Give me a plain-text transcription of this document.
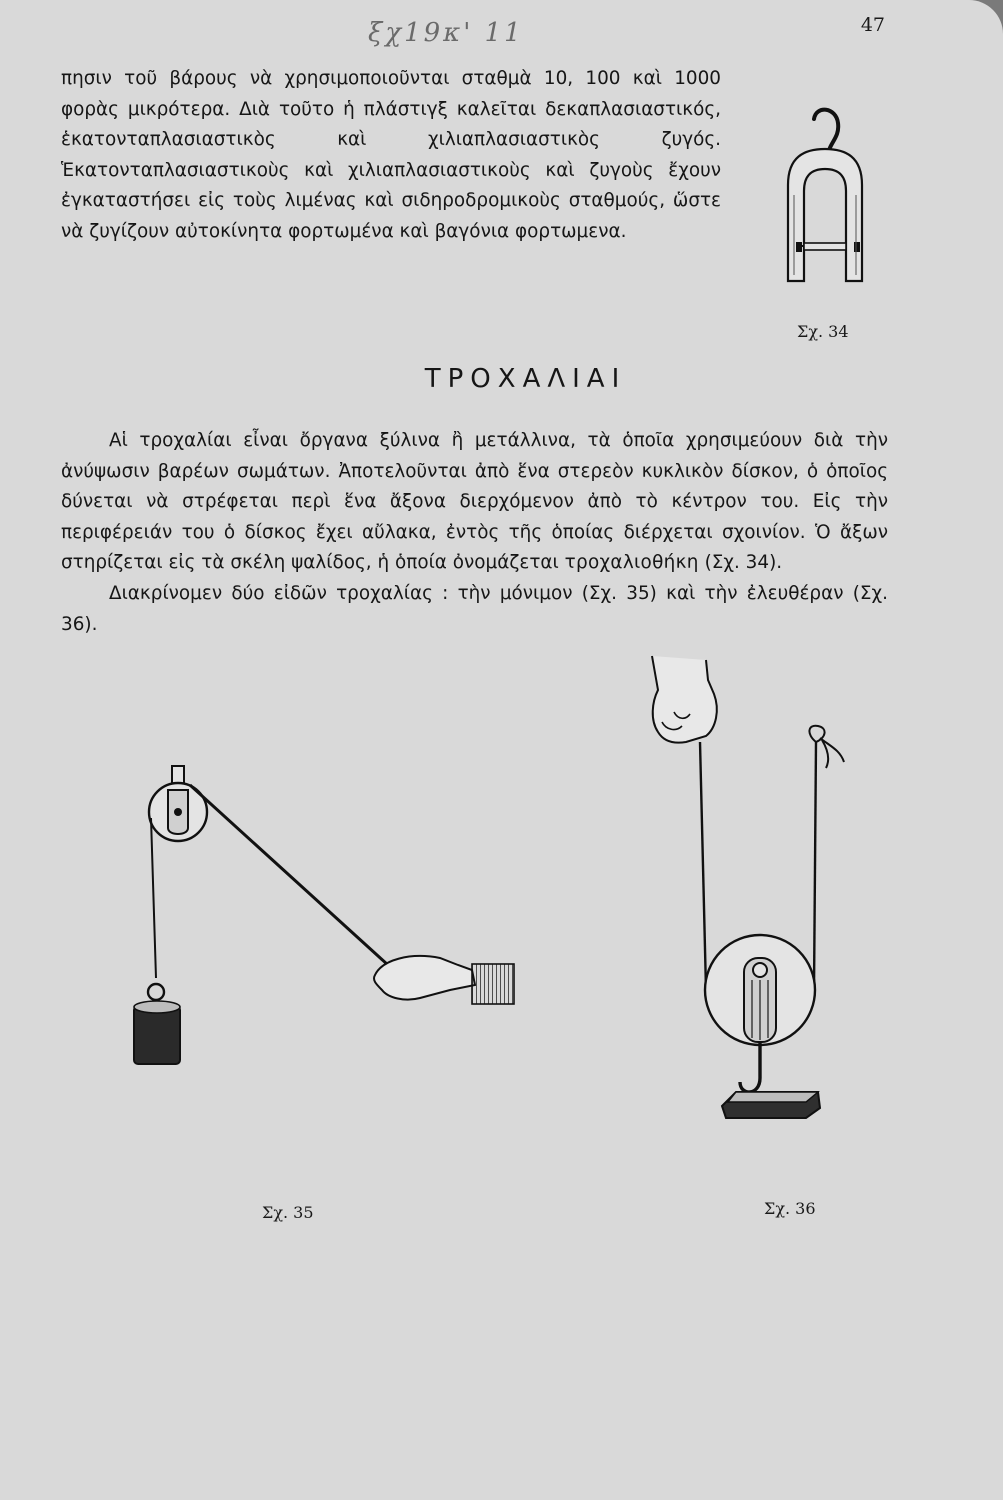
47
ξχ19κ' 11

πησιν τοῦ βάρους νὰ χρησιμοποιοῦνται σταθμὰ 10, 100 καὶ 1000 φορὰς μικρότερα. Διὰ τοῦτο ἡ πλάστιγξ καλεῖται δεκαπλασιαστικός, ἑκατονταπλασιαστικὸς καὶ χιλιαπλασιαστικὸς ζυγός. Ἑκατονταπλασιαστικοὺς καὶ χιλιαπλασιαστικοὺς καὶ ζυγοὺς ἔχουν ἐγκαταστήσει εἰς τοὺς λιμένας καὶ σιδηροδρομικοὺς σταθμούς, ὥστε νὰ ζυγίζουν αὐτοκίνητα φορτωμένα καὶ βαγόνια φορτωμενα.

Σχ. 34
ΤΡΟΧΑΛΙΑΙ

Αἱ τροχαλίαι εἶναι ὄργανα ξύλινα ἢ μετάλλινα, τὰ ὁποῖα χρησιμεύουν διὰ τὴν ἀνύψωσιν βαρέων σωμάτων. Ἀποτελοῦνται ἀπὸ ἕνα στερεὸν κυκλικὸν δίσκον, ὁ ὁποῖος δύνεται νὰ στρέφεται περὶ ἕνα ἄξονα διερχόμενον ἀπὸ τὸ κέντρον του. Εἰς τὴν περιφέρειάν του ὁ δίσκος ἔχει αὔλακα, ἐντὸς τῆς ὁποίας διέρχεται σχοινίον. Ὁ ἄξων στηρίζεται εἰς τὰ σκέλη ψαλίδος, ἡ ὁποία ὀνομάζεται τροχαλιοθήκη (Σχ. 34).

Διακρίνομεν δύο εἰδῶν τροχαλίας : τὴν μόνιμον (Σχ. 35) καὶ τὴν ἐλευθέραν (Σχ. 36).

Σχ. 35	Σχ. 36
